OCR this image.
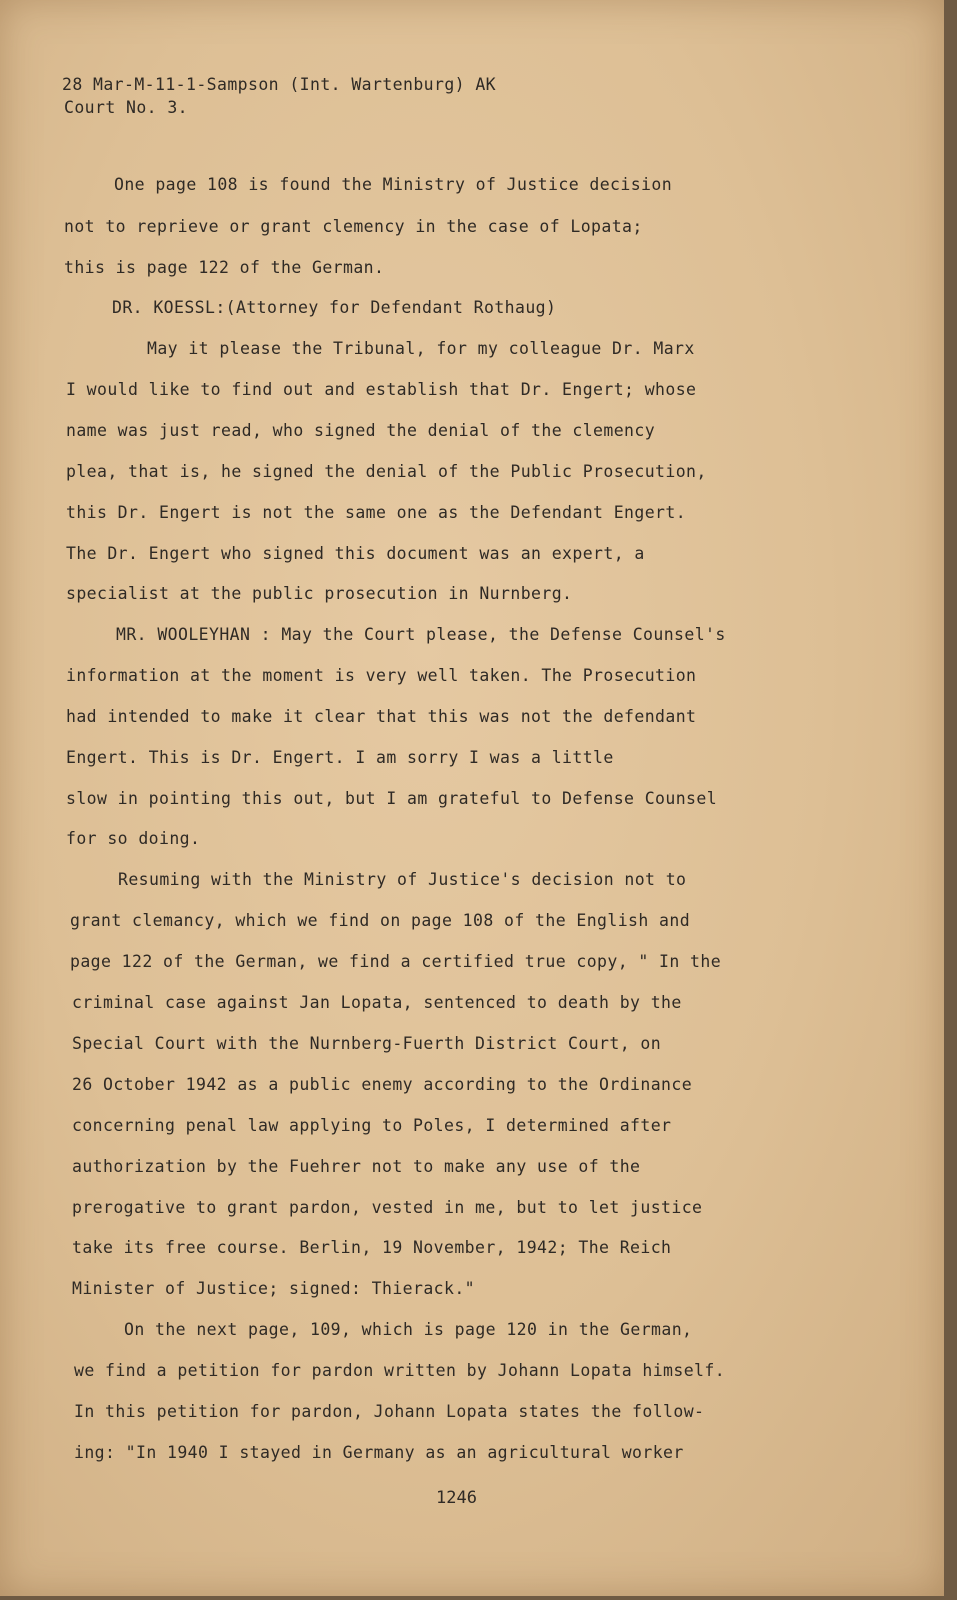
28 Mar-M-11-1-Sampson (Int. Wartenburg) AK
Court No. 3.
One page 108 is found the Ministry of Justice decision
not to reprieve or grant clemency in the case of Lopata;
this is page 122 of the German.
DR. KOESSL:(Attorney for Defendant Rothaug)
May it please the Tribunal, for my colleague Dr. Marx
I would like to find out and establish that Dr. Engert; whose
name was just read, who signed the denial of the clemency
plea, that is, he signed the denial of the Public Prosecution,
this Dr. Engert is not the same one as the Defendant Engert.
The Dr. Engert who signed this document was an expert, a
specialist at the public prosecution in Nurnberg.
MR. WOOLEYHAN : May the Court please, the Defense Counsel's
information at the moment is very well taken. The Prosecution
had intended to make it clear that this was not the defendant
Engert. This is Dr. Engert. I am sorry I was a little
slow in pointing this out, but I am grateful to Defense Counsel
for so doing.
Resuming with the Ministry of Justice's decision not to
grant clemancy, which we find on page 108 of the English and
page 122 of the German, we find a certified true copy, " In the
criminal case against Jan Lopata, sentenced to death by the
Special Court with the Nurnberg-Fuerth District Court, on
26 October 1942 as a public enemy according to the Ordinance
concerning penal law applying to Poles, I determined after
authorization by the Fuehrer not to make any use of the
prerogative to grant pardon, vested in me, but to let justice
take its free course. Berlin, 19 November, 1942; The Reich
Minister of Justice; signed: Thierack."
On the next page, 109, which is page 120 in the German,
we find a petition for pardon written by Johann Lopata himself.
In this petition for pardon, Johann Lopata states the follow-
ing: "In 1940 I stayed in Germany as an agricultural worker
1246
